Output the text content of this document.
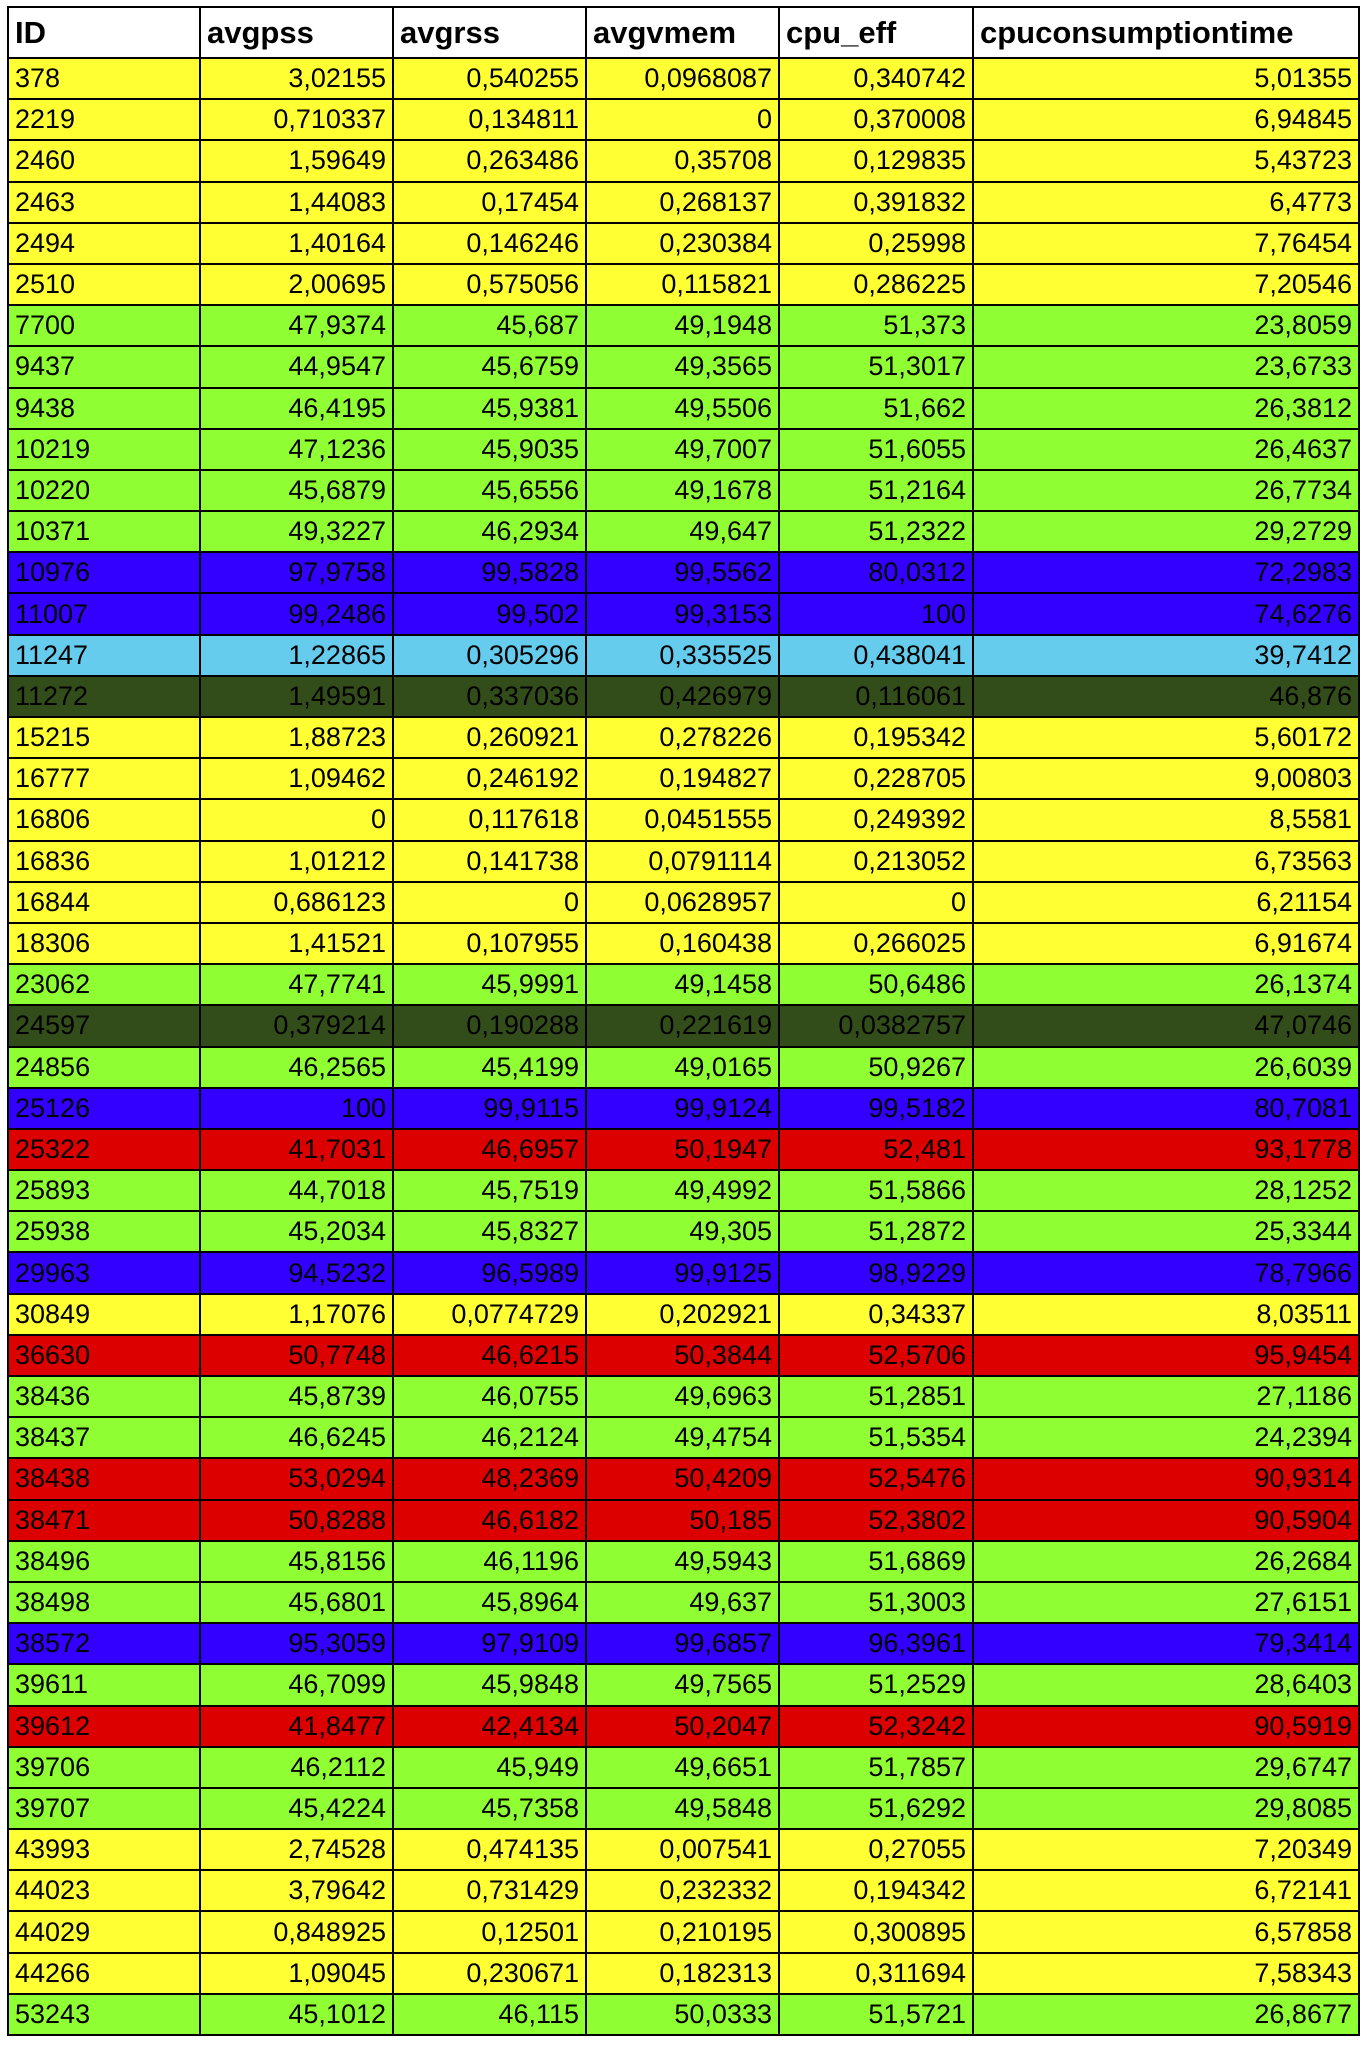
ID	avgpss	avgrss	avgvmem	cpu_eff	cpuconsumptiontime
378	3,02155	0,540255	0,0968087	0,340742	5,01355
2219	0,710337	0,134811	0	0,370008	6,94845
2460	1,59649	0,263486	0,35708	0,129835	5,43723
2463	1,44083	0,17454	0,268137	0,391832	6,4773
2494	1,40164	0,146246	0,230384	0,25998	7,76454
2510	2,00695	0,575056	0,115821	0,286225	7,20546
7700	47,9374	45,687	49,1948	51,373	23,8059
9437	44,9547	45,6759	49,3565	51,3017	23,6733
9438	46,4195	45,9381	49,5506	51,662	26,3812
10219	47,1236	45,9035	49,7007	51,6055	26,4637
10220	45,6879	45,6556	49,1678	51,2164	26,7734
10371	49,3227	46,2934	49,647	51,2322	29,2729
10976	97,9758	99,5828	99,5562	80,0312	72,2983
11007	99,2486	99,502	99,3153	100	74,6276
11247	1,22865	0,305296	0,335525	0,438041	39,7412
11272	1,49591	0,337036	0,426979	0,116061	46,876
15215	1,88723	0,260921	0,278226	0,195342	5,60172
16777	1,09462	0,246192	0,194827	0,228705	9,00803
16806	0	0,117618	0,0451555	0,249392	8,5581
16836	1,01212	0,141738	0,0791114	0,213052	6,73563
16844	0,686123	0	0,0628957	0	6,21154
18306	1,41521	0,107955	0,160438	0,266025	6,91674
23062	47,7741	45,9991	49,1458	50,6486	26,1374
24597	0,379214	0,190288	0,221619	0,0382757	47,0746
24856	46,2565	45,4199	49,0165	50,9267	26,6039
25126	100	99,9115	99,9124	99,5182	80,7081
25322	41,7031	46,6957	50,1947	52,481	93,1778
25893	44,7018	45,7519	49,4992	51,5866	28,1252
25938	45,2034	45,8327	49,305	51,2872	25,3344
29963	94,5232	96,5989	99,9125	98,9229	78,7966
30849	1,17076	0,0774729	0,202921	0,34337	8,03511
36630	50,7748	46,6215	50,3844	52,5706	95,9454
38436	45,8739	46,0755	49,6963	51,2851	27,1186
38437	46,6245	46,2124	49,4754	51,5354	24,2394
38438	53,0294	48,2369	50,4209	52,5476	90,9314
38471	50,8288	46,6182	50,185	52,3802	90,5904
38496	45,8156	46,1196	49,5943	51,6869	26,2684
38498	45,6801	45,8964	49,637	51,3003	27,6151
38572	95,3059	97,9109	99,6857	96,3961	79,3414
39611	46,7099	45,9848	49,7565	51,2529	28,6403
39612	41,8477	42,4134	50,2047	52,3242	90,5919
39706	46,2112	45,949	49,6651	51,7857	29,6747
39707	45,4224	45,7358	49,5848	51,6292	29,8085
43993	2,74528	0,474135	0,007541	0,27055	7,20349
44023	3,79642	0,731429	0,232332	0,194342	6,72141
44029	0,848925	0,12501	0,210195	0,300895	6,57858
44266	1,09045	0,230671	0,182313	0,311694	7,58343
53243	45,1012	46,115	50,0333	51,5721	26,8677
